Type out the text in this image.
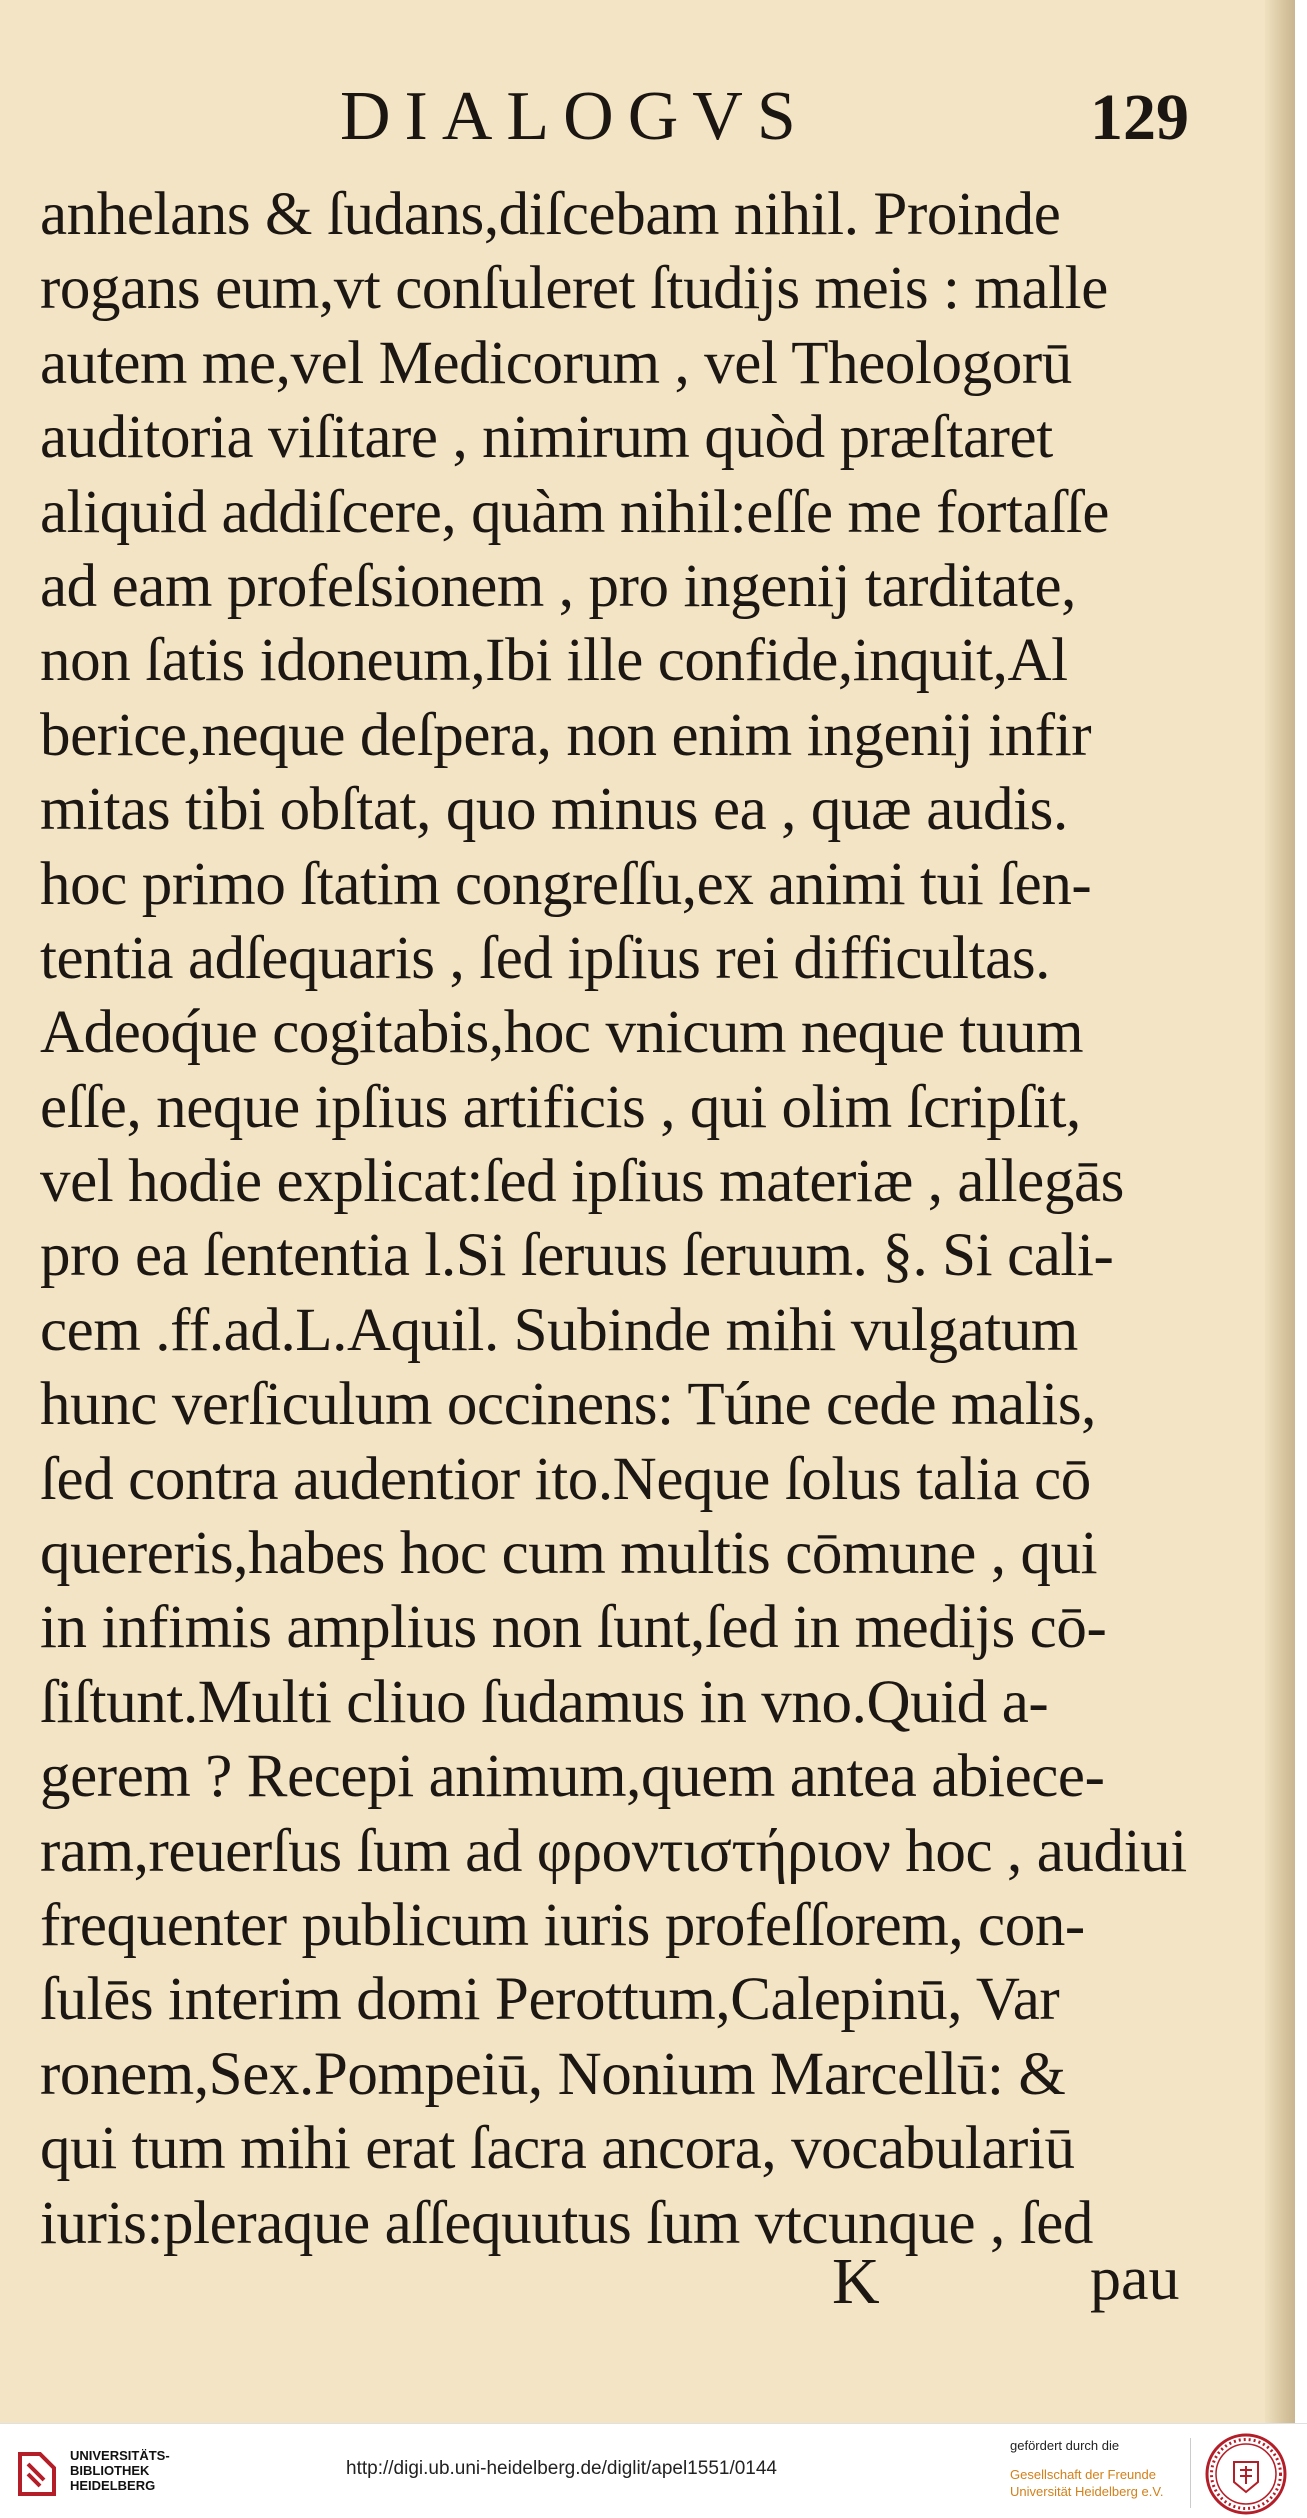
DIALOGVS	129
anhelans & ſudans,diſcebam nihil. Proinde
rogans eum,vt conſuleret ſtudijs meis : malle
autem me,vel Medicorum , vel Theologorū
auditoria viſitare , nimirum quòd præſtaret
aliquid addiſcere, quàm nihil:eſſe me fortaſſe
ad eam profeſsionem , pro ingenij tarditate,
non ſatis idoneum,Ibi ille confide,inquit,Al
berice,neque deſpera, non enim ingenij infir
mitas tibi obſtat, quo minus ea , quæ audis.
hoc primo ſtatim congreſſu,ex animi tui ſen-
tentia adſequaris , ſed ipſius rei difficultas.
Adeoq́ue cogitabis,hoc vnicum neque tuum
eſſe, neque ipſius artificis , qui olim ſcripſit,
vel hodie explicat:ſed ipſius materiæ , allegās
pro ea ſententia l.Si ſeruus ſeruum. §. Si cali-
cem .ff.ad.L.Aquil. Subinde mihi vulgatum
hunc verſiculum occinens: Túne cede malis,
ſed contra audentior ito.Neque ſolus talia cō
quereris,habes hoc cum multis cōmune , qui
in infimis amplius non ſunt,ſed in medijs cō-
ſiſtunt.Multi cliuo ſudamus in vno.Quid a-
gerem ? Recepi animum,quem antea abiece-
ram,reuerſus ſum ad φροντιστήριον hoc , audiui
frequenter publicum iuris profeſſorem, con-
ſulēs interim domi Perottum,Calepinū, Var
ronem,Sex.Pompeiū, Nonium Marcellū: &
qui tum mihi erat ſacra ancora, vocabulariū
iuris:pleraque aſſequutus ſum vtcunque , ſed
K	pau
UNIVERSITÄTS-
BIBLIOTHEK
HEIDELBERG
http://digi.ub.uni-heidelberg.de/diglit/apel1551/0144
gefördert durch die
Gesellschaft der Freunde
Universität Heidelberg e.V.
